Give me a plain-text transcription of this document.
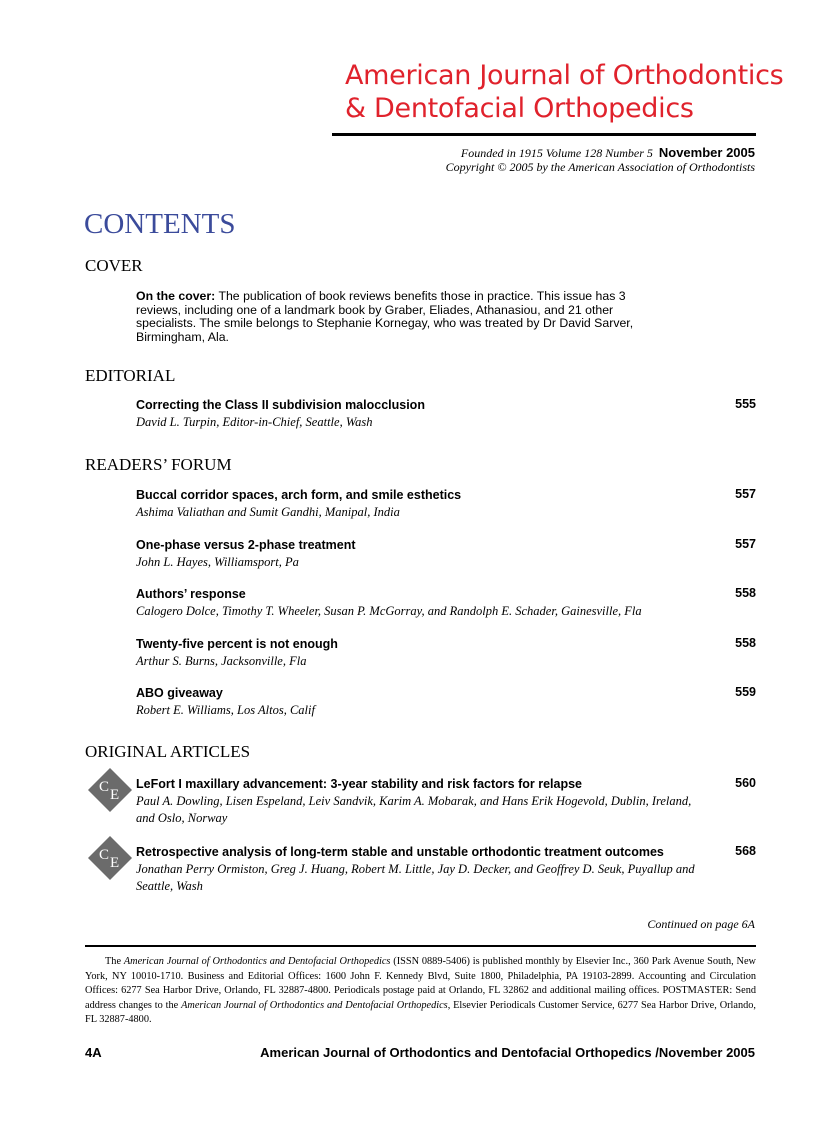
American Journal of Orthodontics
& Dentofacial Orthopedics
Founded in 1915 Volume 128 Number 5 November 2005
Copyright © 2005 by the American Association of Orthodontists
CONTENTS
COVER
On the cover: The publication of book reviews benefits those in practice. This issue has 3 reviews, including one of a landmark book by Graber, Eliades, Athanasiou, and 21 other specialists. The smile belongs to Stephanie Kornegay, who was treated by Dr David Sarver, Birmingham, Ala.
EDITORIAL
Correcting the Class II subdivision malocclusion	555
David L. Turpin, Editor-in-Chief, Seattle, Wash
READERS’ FORUM
Buccal corridor spaces, arch form, and smile esthetics	557
Ashima Valiathan and Sumit Gandhi, Manipal, India
One-phase versus 2-phase treatment	557
John L. Hayes, Williamsport, Pa
Authors’ response	558
Calogero Dolce, Timothy T. Wheeler, Susan P. McGorray, and Randolph E. Schader, Gainesville, Fla
Twenty-five percent is not enough	558
Arthur S. Burns, Jacksonville, Fla
ABO giveaway	559
Robert E. Williams, Los Altos, Calif
ORIGINAL ARTICLES
C E
LeFort I maxillary advancement: 3-year stability and risk factors for relapse	560
Paul A. Dowling, Lisen Espeland, Leiv Sandvik, Karim A. Mobarak, and Hans Erik Hogevold, Dublin, Ireland, and Oslo, Norway
C E
Retrospective analysis of long-term stable and unstable orthodontic treatment outcomes	568
Jonathan Perry Ormiston, Greg J. Huang, Robert M. Little, Jay D. Decker, and Geoffrey D. Seuk, Puyallup and Seattle, Wash
Continued on page 6A
The American Journal of Orthodontics and Dentofacial Orthopedics (ISSN 0889-5406) is published monthly by Elsevier Inc., 360 Park Avenue South, New York, NY 10010-1710. Business and Editorial Offices: 1600 John F. Kennedy Blvd, Suite 1800, Philadelphia, PA 19103-2899. Accounting and Circulation Offices: 6277 Sea Harbor Drive, Orlando, FL 32887-4800. Periodicals postage paid at Orlando, FL 32862 and additional mailing offices. POSTMASTER: Send address changes to the American Journal of Orthodontics and Dentofacial Orthopedics, Elsevier Periodicals Customer Service, 6277 Sea Harbor Drive, Orlando, FL 32887-4800.
4A	American Journal of Orthodontics and Dentofacial Orthopedics /November 2005
